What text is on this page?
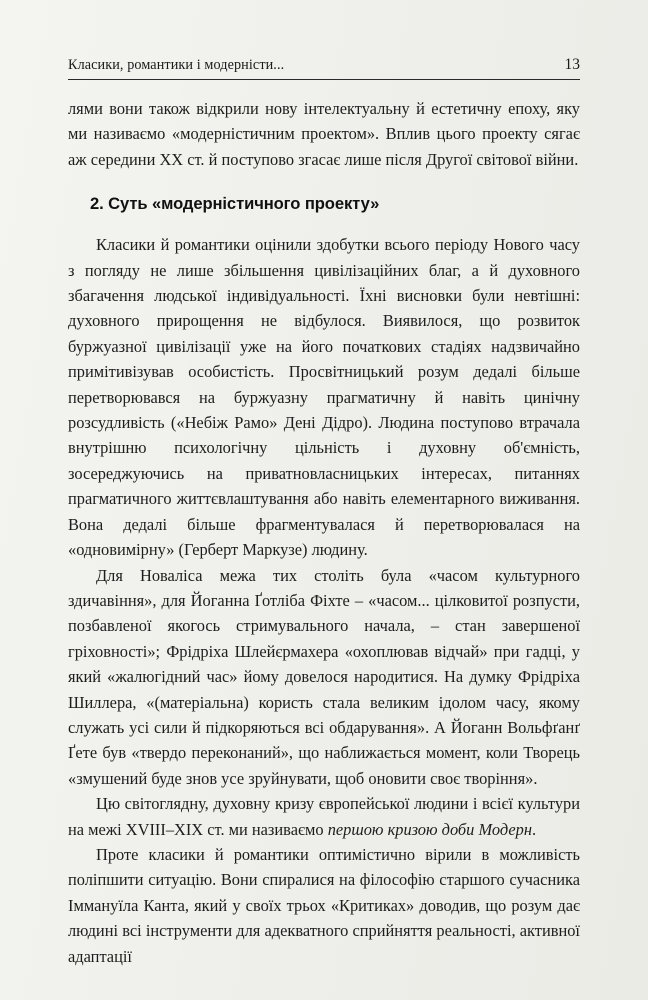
Класики, романтики і модерністи...	13

лями вони також відкрили нову інтелектуальну й естетичну епоху, яку ми називаємо «модерністичним проектом». Вплив цього проекту сягає аж середини XX ст. й поступово згасає лише після Другої світової війни.

2. Суть «модерністичного проекту»

Класики й романтики оцінили здобутки всього періоду Нового часу з погляду не лише збільшення цивілізаційних благ, а й духовного збагачення людської індивідуальності. Їхні висновки були невтішні: духовного прирощення не відбулося. Виявилося, що розвиток буржуазної цивілізації уже на його початкових стадіях надзвичайно примітивізував особистість. Просвітницький розум дедалі більше перетворювався на буржуазну прагматичну й навіть цинічну розсудливість («Небіж Рамо» Дені Дідро). Людина поступово втрачала внутрішню психологічну цільність і духовну об'ємність, зосереджуючись на приватновласницьких інтересах, питаннях прагматичного життєвлаштування або навіть елементарного виживання. Вона дедалі більше фрагментувалася й перетворювалася на «одновимірну» (Герберт Маркузе) людину.

Для Новаліса межа тих століть була «часом культурного здичавіння», для Йоганна Ґотліба Фіхте – «часом... цілковитої розпусти, позбавленої якогось стримувального начала, – стан завершеної гріховності»; Фрідріха Шлейєрмахера «охоплював відчай» при гадці, у який «жалюгідний час» йому довелося народитися. На думку Фрідріха Шиллера, «(матеріальна) користь стала великим ідолом часу, якому служать усі сили й підкоряються всі обдарування». А Йоганн Вольфґанґ Ґете був «твердо переконаний», що наближається момент, коли Творець «змушений буде знов усе зруйнувати, щоб оновити своє творіння».

Цю світоглядну, духовну кризу європейської людини і всієї культури на межі XVIII–XIX ст. ми називаємо першою кризою доби Модерн.

Проте класики й романтики оптимістично вірили в можливість поліпшити ситуацію. Вони спиралися на філософію старшого сучасника Іммануїла Канта, який у своїх трьох «Критиках» доводив, що розум дає людині всі інструменти для адекватного сприйняття реальності, активної адаптації
